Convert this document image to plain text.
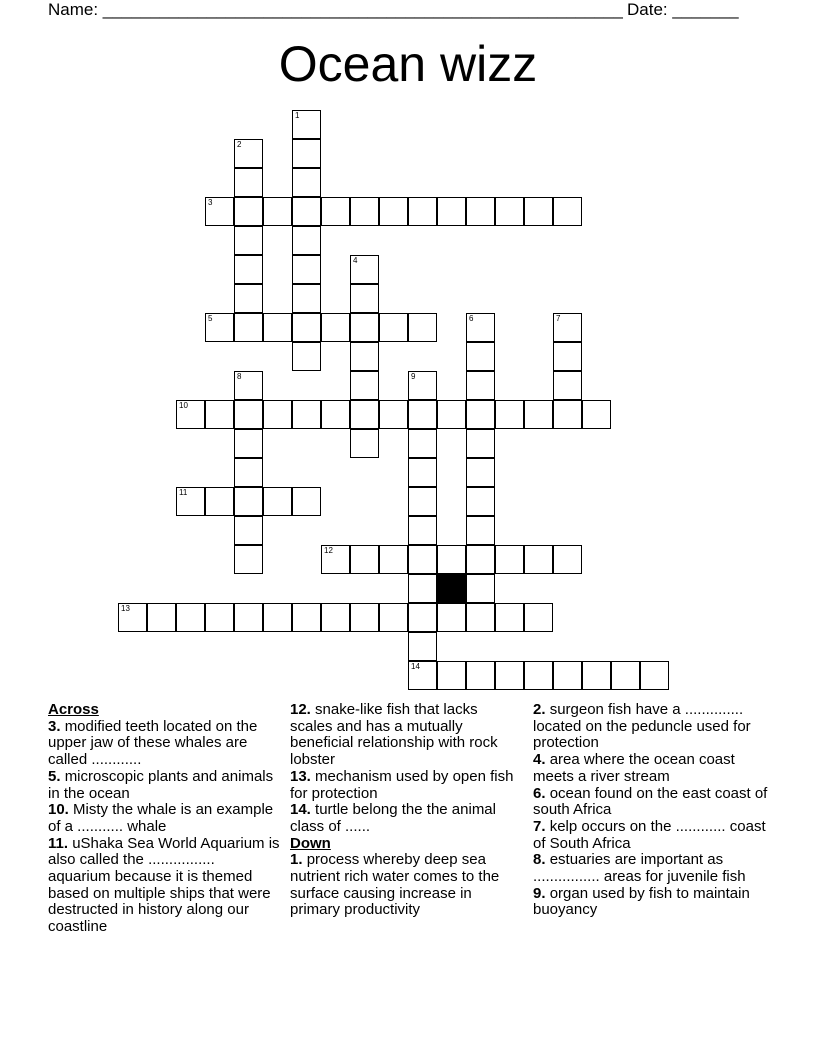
Name: _______________________________________________________ Date: _______
Ocean wizz
3
5
10
11
12
13
14
1
2
4
6	7
8	9
Across

3. modified teeth located on the upper jaw of these whales are called ............

5. microscopic plants and animals in the ocean

10. Misty the whale is an example of a ........... whale

11. uShaka Sea World Aquarium is also called the ................ aquarium because it is themed based on multiple ships that were destructed in history along our coastline

12. snake-like fish that lacks scales and has a mutually beneficial relationship with rock lobster

13. mechanism used by open fish for protection

14. turtle belong the the animal class of ......

Down

1. process whereby deep sea nutrient rich water comes to the surface causing increase in primary productivity

2. surgeon fish have a .............. located on the peduncle used for protection

4. area where the ocean coast meets a river stream

6. ocean found on the east coast of south Africa

7. kelp occurs on the ............ coast of South Africa

8. estuaries are important as ................ areas for juvenile fish

9. organ used by fish to maintain buoyancy
